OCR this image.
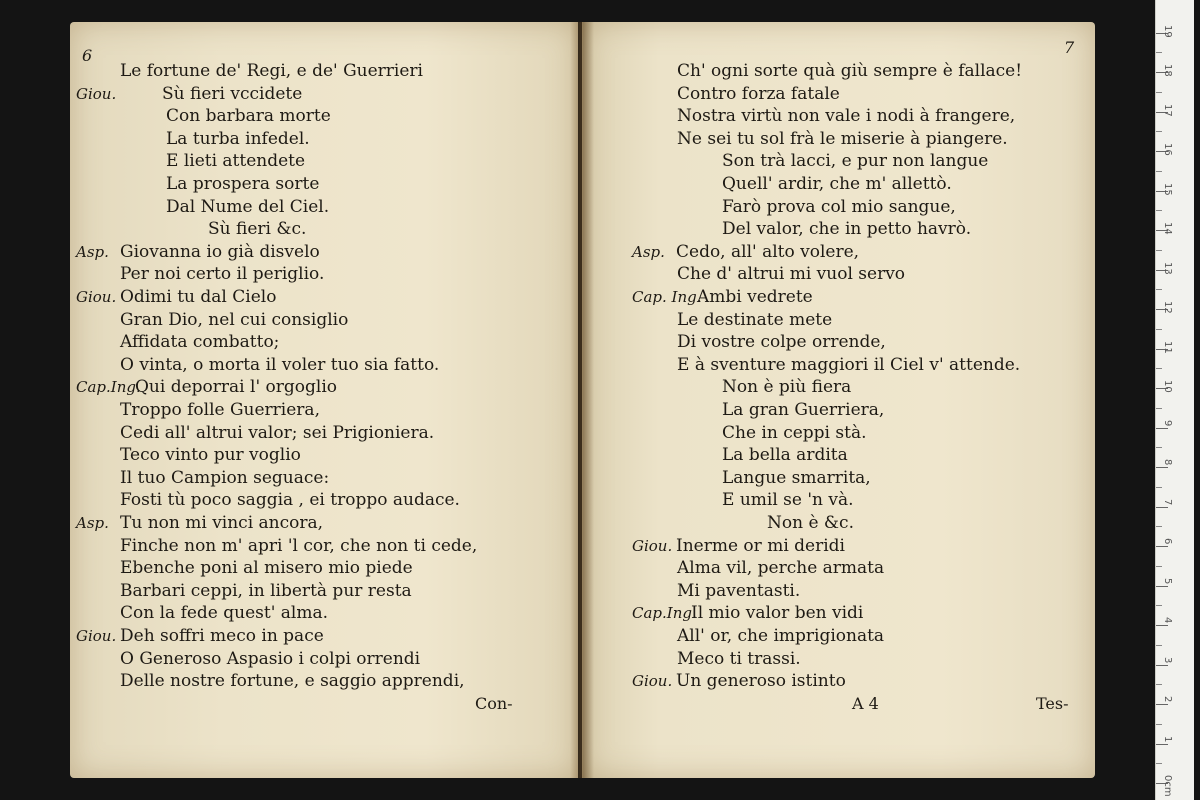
6
Con-
Le fortune de' Regi, e de' Guerrieri
Giou.	Sù fieri vccidete
Con barbara morte
La turba infedel.
E lieti attendete
La prospera sorte
Dal Nume del Ciel.
Sù fieri &c.
Asp. Giovanna io già disvelo
Per noi certo il periglio.
Giou. Odimi tu dal Cielo
Gran Dio, nel cui consiglio
Affidata combatto;
O vinta, o morta il voler tuo sia fatto.
Cap.Ing.
Qui deporrai l' orgoglio
Troppo folle Guerriera,
Cedi all' altrui valor; sei Prigioniera.
Teco vinto pur voglio
Il tuo Campion seguace:
Fosti tù poco saggia , ei troppo audace.
Asp. Tu non mi vinci ancora,
Finche non m' apri 'l cor, che non ti cede,
Ebenche poni al misero mio piede
Barbari ceppi, in libertà pur resta
Con la fede quest' alma.
Giou. Deh soffri meco in pace
O Generoso Aspasio i colpi orrendi
Delle nostre fortune, e saggio apprendi,
7
A 4	Tes-
Ch' ogni sorte quà giù sempre è fallace!
Contro forza fatale
Nostra virtù non vale i nodi à frangere,
Ne sei tu sol frà le miserie à piangere.
Son trà lacci, e pur non langue
Quell' ardir, che m' allettò.
Farò prova col mio sangue,
Del valor, che in petto havrò.
Asp. Cedo, all' alto volere,
Che d' altrui mi vuol servo
Cap. Ing.
Ambi vedrete
Le destinate mete
Di vostre colpe orrende,
E à sventure maggiori il Ciel v' attende.
Non è più fiera
La gran Guerriera,
Che in ceppi stà.
La bella ardita
Langue smarrita,
E umil se 'n và.
Non è &c.
Giou. Inerme or mi deridi
Alma vil, perche armata
Mi paventasti.
Cap.Ing.
Il mio valor ben vidi
All' or, che imprigionata
Meco ti trassi.
Giou. Un generoso istinto
0cm
1
2
3
4
5
6
7
8
9
10
11
12
13
14
15
16
17
18
19
